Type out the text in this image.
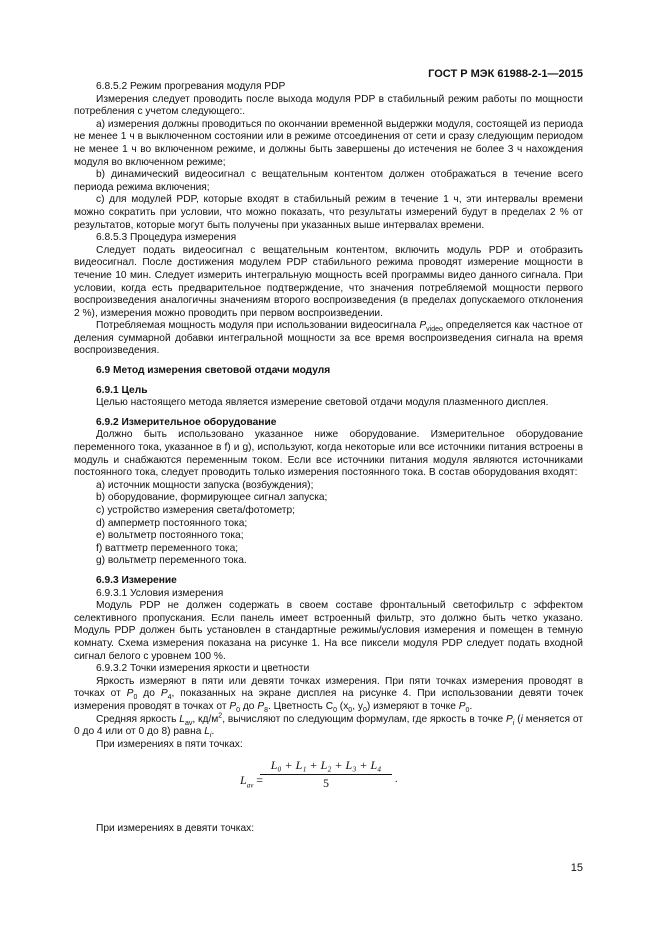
ГОСТ Р МЭК 61988-2-1—2015

6.8.5.2 Режим прогревания модуля PDP

Измерения следует проводить после выхода модуля PDP в стабильный режим работы по мощности потребления с учетом следующего:.

а) измерения должны проводиться по окончании временной выдержки модуля, состоящей из периода не менее 1 ч в выключенном состоянии или в режиме отсоединения от сети и сразу следующим периодом не менее 1 ч во включенном режиме, и должны быть завершены до истечения не более 3 ч нахождения модуля во включенном режиме;

b) динамический видеосигнал с вещательным контентом должен отображаться в течение всего периода режима включения;

с) для модулей PDP, которые входят в стабильный режим в течение 1 ч, эти интервалы времени можно сократить при условии, что можно показать, что результаты измерений будут в пределах 2 % от результатов, которые могут быть получены при указанных выше интервалах времени.

6.8.5.3 Процедура измерения

Следует подать видеосигнал с вещательным контентом, включить модуль PDP и отобразить видеосигнал. После достижения модулем PDP стабильного режима проводят измерение мощности в течение 10 мин. Следует измерить интегральную мощность всей программы видео данного сигнала. При условии, когда есть предварительное подтверждение, что значения потребляемой мощности первого воспроизведения аналогичны значениям второго воспроизведения (в пределах допускаемого отклонения 2 %), измерения можно проводить при первом воспроизведении.

Потребляемая мощность модуля при использовании видеосигнала $P_{video}$ определяется как частное от деления суммарной добавки интегральной мощности за все время воспроизведения сигнала на время воспроизведения.

6.9 Метод измерения световой отдачи модуля

6.9.1 Цель

Целью настоящего метода является измерение световой отдачи модуля плазменного дисплея.

6.9.2 Измерительное оборудование

Должно быть использовано указанное ниже оборудование. Измерительное оборудование переменного тока, указанное в f) и g), используют, когда некоторые или все источники питания встроены в модуль и снабжаются переменным током. Если все источники питания модуля являются источниками постоянного тока, следует проводить только измерения постоянного тока. В состав оборудования входят:

а) источник мощности запуска (возбуждения);

b) оборудование, формирующее сигнал запуска;

с) устройство измерения света/фотометр;

d) амперметр постоянного тока;

е) вольтметр постоянного тока;

f) ваттметр переменного тока;

g) вольтметр переменного тока.

6.9.3 Измерение

6.9.3.1 Условия измерения

Модуль PDP не должен содержать в своем составе фронтальный светофильтр с эффектом селективного пропускания. Если панель имеет встроенный фильтр, это должно быть четко указано. Модуль PDP должен быть установлен в стандартные режимы/условия измерения и помещен в темную комнату. Схема измерения показана на рисунке 1. На все пиксели модуля PDP следует подать входной сигнал белого с уровнем 100 %.

6.9.3.2 Точки измерения яркости и цветности

Яркость измеряют в пяти или девяти точках измерения. При пяти точках измерения проводят в точках от $P_0$ до $P_4$, показанных на экране дисплея на рисунке 4. При использовании девяти точек измерения проводят в точках от $P_0$ до $P_8$. Цветность $C_0$ ($x_0$, $y_0$) измеряют в точке $P_0$.

Средняя яркость $L_{av}$, $кд/м^2$, вычисляют по следующим формулам, где яркость в точке $P_i$ (i меняется от 0 до 4 или от 0 до 8) равна $L_i$.

При измерениях в пяти точках:

$L_{av}$ =
$\frac{\text{L₀ + L₁ + L₂ + L₃ + L₄}}{5}$ .

При измерениях в девяти точках:

15
